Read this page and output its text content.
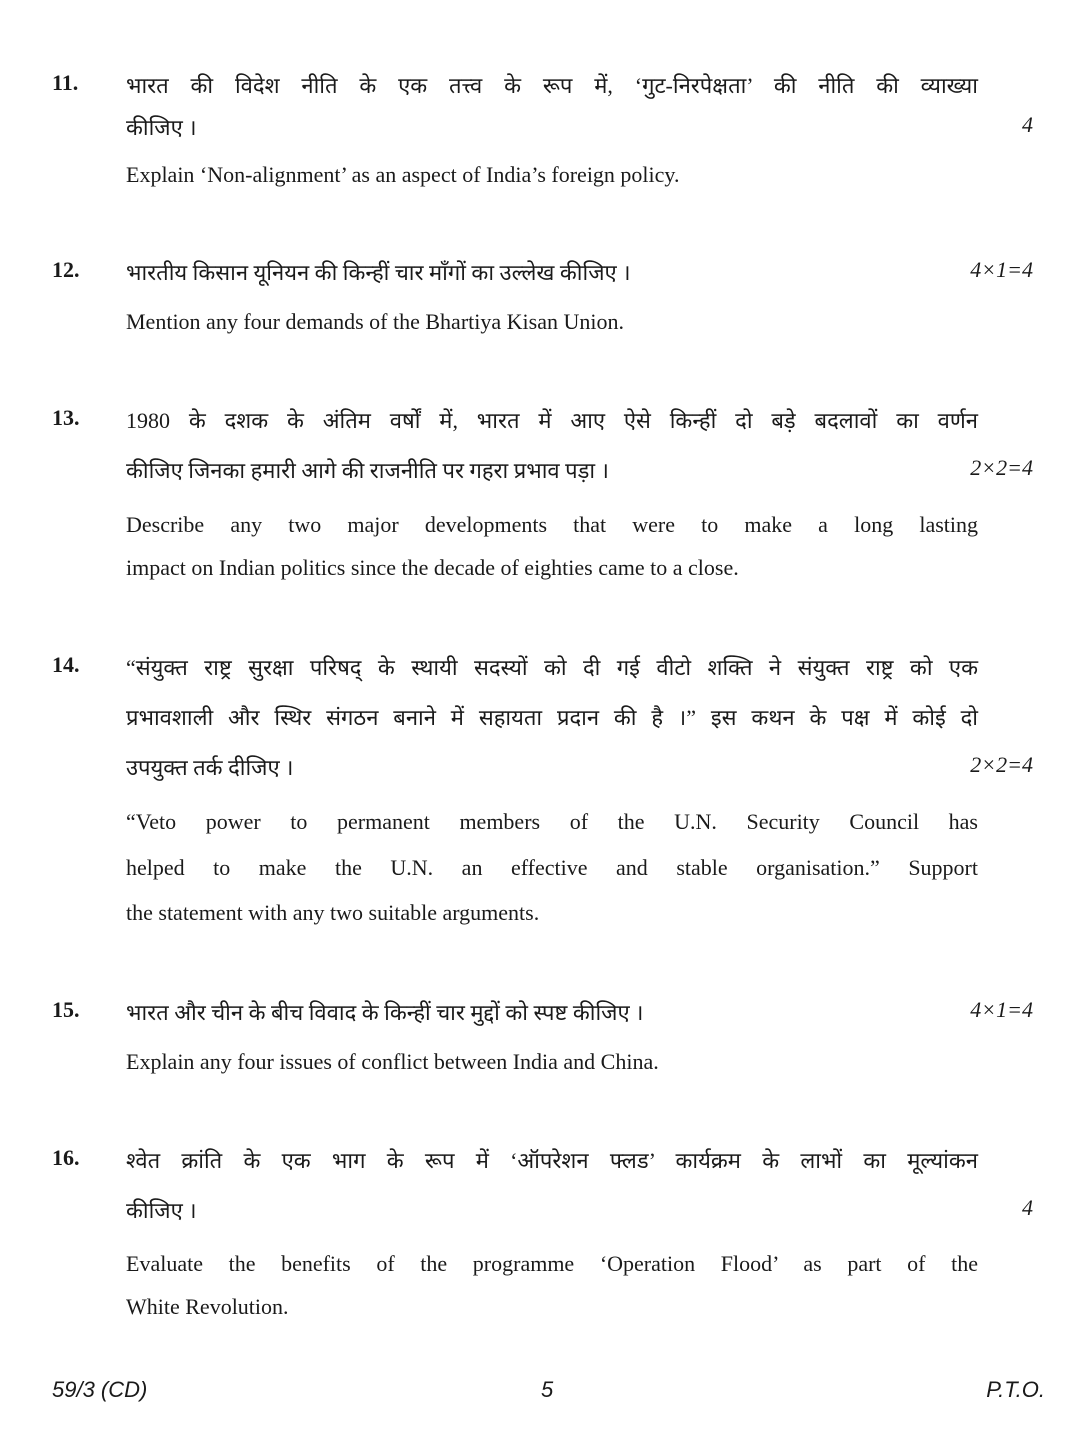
11. भारत की विदेश नीति के एक तत्त्व के रूप में, ‘गुट-निरपेक्षता’ की नीति की व्याख्या
कीजिए ।	4
Explain ‘Non-alignment’ as an aspect of India’s foreign policy.
12. भारतीय किसान यूनियन की किन्हीं चार माँगों का उल्लेख कीजिए ।	4×1=4
Mention any four demands of the Bhartiya Kisan Union.
13. 1980 के दशक के अंतिम वर्षों में, भारत में आए ऐसे किन्हीं दो बड़े बदलावों का वर्णन
कीजिए जिनका हमारी आगे की राजनीति पर गहरा प्रभाव पड़ा ।	2×2=4
Describe any two major developments that were to make a long lasting
impact on Indian politics since the decade of eighties came to a close.
14. “संयुक्त राष्ट्र सुरक्षा परिषद् के स्थायी सदस्यों को दी गई वीटो शक्ति ने संयुक्त राष्ट्र को एक
प्रभावशाली और स्थिर संगठन बनाने में सहायता प्रदान की है ।” इस कथन के पक्ष में कोई दो
उपयुक्त तर्क दीजिए ।	2×2=4
“Veto power to permanent members of the U.N. Security Council has
helped to make the U.N. an effective and stable organisation.” Support
the statement with any two suitable arguments.
15. भारत और चीन के बीच विवाद के किन्हीं चार मुद्दों को स्पष्ट कीजिए ।	4×1=4
Explain any four issues of conflict between India and China.
16. श्वेत क्रांति के एक भाग के रूप में ‘ऑपरेशन फ्लड’ कार्यक्रम के लाभों का मूल्यांकन
कीजिए ।	4
Evaluate the benefits of the programme ‘Operation Flood’ as part of the
White Revolution.
59/3 (CD)	5	P.T.O.
